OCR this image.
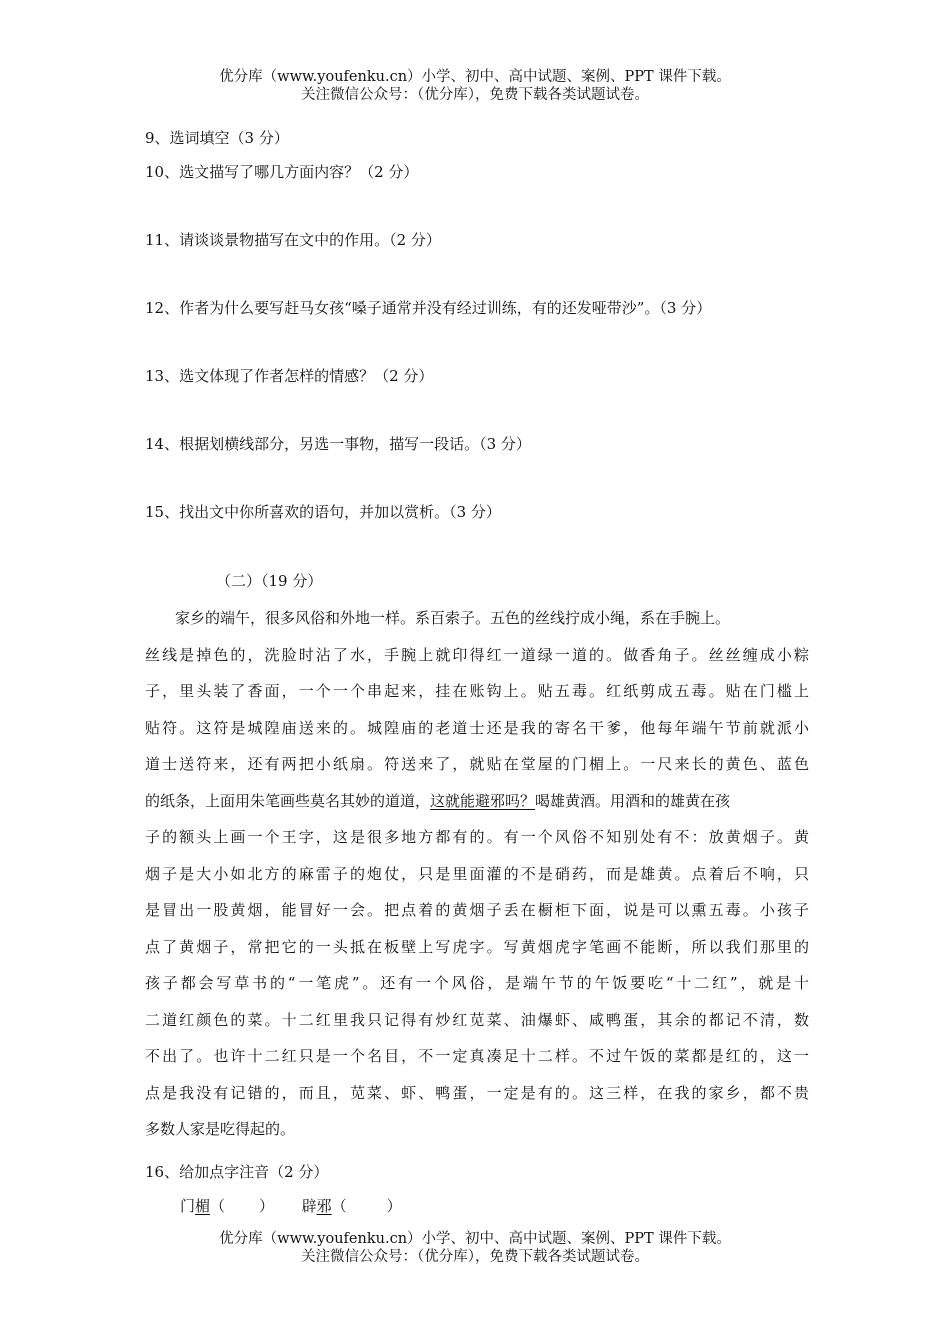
优分库（www.youfenku.cn）小学、初中、高中试题、案例、PPT 课件下载。
关注微信公众号：（优分库），免费下载各类试题试卷。
9、选词填空（3 分）
10、选文描写了哪几方面内容？（2 分）
11、请谈谈景物描写在文中的作用。（2 分）
12、作者为什么要写赶马女孩“嗓子通常并没有经过训练，有的还发哑带沙”。（3 分）
13、选文体现了作者怎样的情感？（2 分）
14、根据划横线部分，另选一事物，描写一段话。（3 分）
15、找出文中你所喜欢的语句，并加以赏析。（3 分）
（二）（19 分）
　　家乡的端午，很多风俗和外地一样。系百索子。五色的丝线拧成小绳，系在手腕上。
丝线是掉色的，洗脸时沾了水，手腕上就印得红一道绿一道的。做香角子。丝丝缠成小粽
子，里头装了香面，一个一个串起来，挂在账钩上。贴五毒。红纸剪成五毒。贴在门槛上
贴符。这符是城隍庙送来的。城隍庙的老道士还是我的寄名干爹，他每年端午节前就派小
道士送符来，还有两把小纸扇。符送来了，就贴在堂屋的门楣上。一尺来长的黄色、蓝色
的纸条，上面用朱笔画些莫名其妙的道道，这就能避邪吗？喝雄黄酒。用酒和的雄黄在孩
子的额头上画一个王字，这是很多地方都有的。有一个风俗不知别处有不：放黄烟子。黄
烟子是大小如北方的麻雷子的炮仗，只是里面灌的不是硝药，而是雄黄。点着后不响，只
是冒出一股黄烟，能冒好一会。把点着的黄烟子丢在橱柜下面，说是可以熏五毒。小孩子
点了黄烟子，常把它的一头抵在板壁上写虎字。写黄烟虎字笔画不能断，所以我们那里的
孩子都会写草书的“一笔虎”。还有一个风俗，是端午节的午饭要吃“十二红”，就是十
二道红颜色的菜。十二红里我只记得有炒红苋菜、油爆虾、咸鸭蛋，其余的都记不清，数
不出了。也许十二红只是一个名目，不一定真凑足十二样。不过午饭的菜都是红的，这一
点是我没有记错的，而且，苋菜、虾、鸭蛋，一定是有的。这三样，在我的家乡，都不贵
多数人家是吃得起的。
16、给加点字注音（2 分）
门楣（ ） 辟邪（	）
优分库（www.youfenku.cn）小学、初中、高中试题、案例、PPT 课件下载。
关注微信公众号：（优分库），免费下载各类试题试卷。
